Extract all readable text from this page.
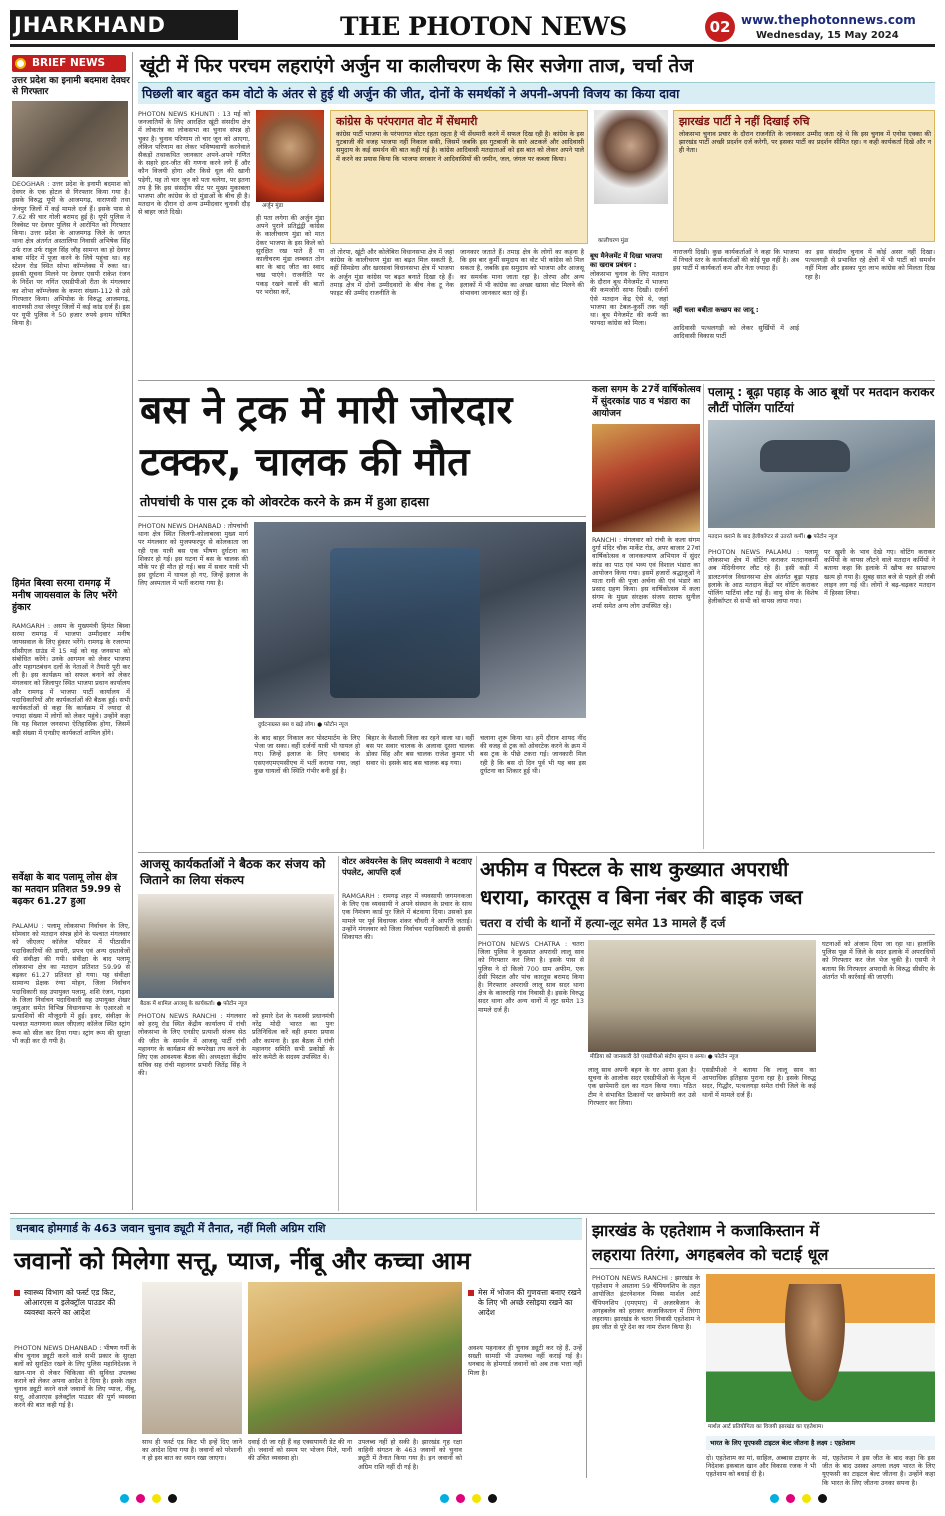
JHARKHAND	THE PHOTON NEWS	02 www.thephotonnews.com
Wednesday, 15 May 2024
BRIEF NEWS
उत्तर प्रदेश का इनामी बदमाश देवघर से गिरफ्तार
DEOGHAR : उत्तर प्रदेश के इनामी बदमाश को देवघर के एक होटल से गिरफ्तार किया गया है। इसके विरुद्ध यूपी के आजमगढ़, वाराणसी तथा जेनपुर जिलों में कई मामले दर्ज हैं। इसके पास से 7.62 की चार गोली बरामद हुई है। यूपी पुलिस ने रिक्वेस्ट पर देवघर पुलिस ने आरोपित को गिरफ्तार किया। उत्तर प्रदेश के आजमगढ़ जिले के जगत थाना क्षेत्र अंतर्गत अस्तालिया निवासी अभिषेक सिंह उर्फ राज उर्फ राहुल सिंह जौह सामन्त का हो देवघर बाबा मंदिर में पूजा करने के लिये पहुंचा था। वह स्टेशन रोड स्थित सोभा कॉम्प्लेक्स में रुका था। इसकी सूचना मिलने पर देवघर एसपी राकेश रंजन के निर्देश पर नगिंत एसडीपीओ रीता के मंगलवार का शोभा कॉम्प्लेक्स के कमरा संख्या-112 से उसे गिरफ्तार किया। अभियोक के विरुद्ध आजमगढ़, वाराणसी तथा जेनपुर जिलों में कई कांड दर्ज हैं। इस पर यूपी पुलिस ने 50 हजार रुपये इनाम घोषित किया है।
हिमंत बिस्वा सरमा रामगढ़ में मनीष जायसवाल के लिए भरेंगे हुंकार
RAMGARH : असम के मुख्यमंत्री हिमंत बिस्वा सरमा रामगढ़ में भाजपा उम्मीदवार मनीष जायसवाल के लिए हुंकार भरेंगे। रामगढ़ के रजरप्पा सीसीएल ग्राउंड में 15 मई को वह जनसभा को संबोधित करेंगे। उनके आगमन को लेकर भाजपा और महागठबंधन दलों के नेताओं ने तैयारी पूरी कर ली है। इस कार्यक्रम को सफल बनाने को लेकर मंगलवार को जिलापुर स्थित भाजपा प्रधान कार्यालय और रामगढ़ में भाजपा पार्टी कार्यालय में पदाधिकारियों और कार्यकर्ताओं की बैठक हुई। सभी कार्यकर्ताओं से कहा कि कार्यक्रम में ज्यादा से ज्यादा संख्या में लोगों को लेकर पहुंचे। उन्होंने कहा कि यह विशाल जनसभा ऐतिहासिक होगा, जिसमें बड़ी संख्या में एनडीए कार्यकर्ता शामिल होंगे।
सर्वेक्षा के बाद पलामू लोस क्षेत्र का मतदान प्रतिशत 59.99 से बढ़कर 61.27 हुआ
PALAMU : पलामू लोकसभा निर्वाचन के लिए, सोमवार को मतदान संपन्न होने के पश्चात मंगलवार को जीएलए कॉलेज परिसर में पीठासीन पदाधिकारियों की डायरी, प्रपत्र एवं अन्य दस्तावेजों की संवीक्षा की गयी। संवीक्षा के बाद पलामू लोकसभा क्षेत्र का मतदान प्रतिशत 59.99 से बढ़कर 61.27 प्रतिशत हो गया। यह संवीक्षा सामान्य प्रेक्षक रंग्या मोहन, जिला निर्वाचन पदाधिकारी सह उपायुक्त पलामू, शशि रंजन, गढ़वा के जिला निर्वाचन पदाधिकारी सह उपायुक्त शेखर जमुआर समेत विभिन्न विधानसभा के एआरओ व प्रत्याशियों की मौजूदगी में हुई। इधर, संवीक्षा के पश्चात मतगणना स्थल जीएलए कॉलेज स्थित स्ट्रांग रूम को सील कर दिया गया। स्ट्रांग रूम की सुरक्षा भी कड़ी कर दी गयी है।
खूंटी में फिर परचम लहराएंगे अर्जुन या कालीचरण के सिर सजेगा ताज, चर्चा तेज
पिछली बार बहुत कम वोटो के अंतर से हुई थी अर्जुन की जीत, दोनों के समर्थकों ने अपनी-अपनी विजय का किया दावा
PHOTON NEWS KHUNTI : 13 मई को जनजातियों के लिए आरक्षित खूंटी संसदीय क्षेत्र में लोकतंत्र का लोकसभा का चुनाव संपन्न हो चुका है। चुनाव परिणाम तो चार जून को आएगा, लेकिन परिणाम का लेकर भविष्यवाणी करनेवाले सैकड़ों तथाकथित जानकार अपने-अपने गणित के सहारे हार-जीत की गणना करने लगे हैं और कौन विजयी होगा और किसे धूल की खानी पड़ेगी, यह तो चार जून को पता चलेगा, पर इतना तय है कि इस संसदीय सीट पर मुख्य मुकाबला भाजपा और कांग्रेस के दो मुंडाओं के बीच ही है। मतदान के दौरान दो अन्य उम्मीदवार चुनावी दौड़ से बाहर जाते दिखे।
अर्जुन मुंडा
कांग्रेस के परंपरागत वोट में सेंधमारी
कांग्रेस पार्टी भाजपा के परंपरागत वोटर रहता रहता है भी सेंधमारी करने में सफल दिख रही है। कांग्रेस के इस गुटबाजी की वजह भाजपा नहीं निकाल सकी, जिसमें जबकि इस गुटबाजी के सारे अटकलें और आदिवासी समुदाय के कई समर्थन की बात कही गई है। कांग्रेस आदिवासी मतदाताओं को इस बात को लेकर अपने पाले में करने का प्रयास किया कि भाजपा सरकार ने आदिवासियों की जमीन, जल, जंगल पर कब्जा किया।
कालीचरण मुंडा
झारखंड पार्टी ने नहीं दिखाई रुचि
लोकसभा चुनाव प्रचार के दौरान राजनीति के जानकार उम्मीद जता रहे थे कि इस चुनाव में एनोस एक्का की झारखंड पार्टी अच्छी प्रदर्शन दर्ज करेगी, पर इसका पार्टी का प्रदर्शन सीमित रहा। न कही कार्यकर्ता दिखे और न ही नेता।
ही पता लगेगा की अर्जुन मुंडा अपने पुराने प्रतिद्वंद्वी कांग्रेस के कालीचरण मुंडा को मात देकर भाजपा के इस किले को सुरक्षित रख पाते हैं या कालीचरण मुंडा लम्बवत तोन बार के बाद जीत का स्वाद चख पाएंगे। राजनीति पर पकड़ रखने वालों की बातों पर भरोसा करें,
तो तोरपा, खूंटी और कोलेबिरा विधानसभा क्षेत्र में जहां कांग्रेस के कालीचरण मुंडा का बढ़त मिल सकती है, वहीं सिमडेगा और खरसावां विधानसभा क्षेत्र में भाजपा के अर्जुन मुंडा कांग्रेस पर बढ़त बनाते दिखा रहे हैं। तमाड़ क्षेत्र में दोनों उम्मीदवारों के बीच नेक टू नेक फाइट की उम्मीद राजनीति के
जानकार जताते हैं। तमाड़ क्षेत्र के लोगों का कहना है कि इस बार कुर्मी समुदाय का वोट भी कांग्रेस को मिल सकता है, जबकि इस समुदाय को भाजपा और आजसू का समर्थक माना जाता रहा है। तोरपा और अन्य इलाकों में भी कांग्रेस का अच्छा खासा वोट मिलने की संभावना जानकार बता रहे हैं।
बूथ मैनेजमेंट में दिखा भाजपा का खराब प्रबंधन :
लोकसभा चुनाव के लिए मतदान के दौरान बूथ मैनेजमेंट में भाजपा की कमजोरी साफ दिखी। दर्जनों ऐसे मतदान केंद्र ऐसे थे, जहां भाजपा का टेबल-कुर्सी तक नहीं था। बूथ मैनेजमेंट की कमी का फायदा कांग्रेस को मिला।
नाराजगी दिखी। कुछ कार्यकर्ताओं ने कहा कि भाजपा में निचले स्तर के कार्यकर्ताओं की कोई पूछ नहीं है। अब इस पार्टी में कार्यकर्ता कम और नेता ज्यादा हैं।
नहीं चला बबीता कच्छप का जादू :
आदिवासी पत्थलगड़ी को लेकर सुर्खियों में आई आदिवासी विकास पार्टी
का इस संसदीय चुनाव में कोई असर नहीं दिखा। पत्थलगड़ी से प्रभावित रहे क्षेत्रों में भी पार्टी को समर्थन नहीं मिला और इसका पूरा लाभ कांग्रेस को मिलता दिख रहा है।
बस ने ट्रक में मारी जोरदार
टक्कर, चालक की मौत
तोपचांची के पास ट्रक को ओवरटेक करने के क्रम में हुआ हादसा
PHOTON NEWS DHANBAD : तोपचांची थाना क्षेत्र स्थित जिलगी-कोलाबरवा मुख्य मार्ग पर मंगलवार को मुजफ्फरपुर से कोलकाता जा रही एक यात्री बस एक भीषण दुर्घटना का शिकार हो गई। इस घटना में बस के चालक की मौके पर ही मौत हो गई। बस में सवार यात्री भी इस दुर्घटना में घायल हो गए, जिन्हें इलाज के लिए अस्पताल में भर्ती कराया गया है।
दुर्घटनाग्रस्त बस व खड़े लोग। ● फोटोन न्यूज
के बाद बाहर निकाल कर पोस्टमार्टम के लिए भेजा जा सका। वहीं दर्जनों यात्री भी घायल हो गए। जिन्हें इलाज के लिए धनबाद के एसएनएमएमसीएच में भर्ती कराया गया, जहां कुछ घायलों की स्थिति गंभीर बनी हुई है।
बिहार के वैशाली जिला का रहने वाला था। वहीं बस पर सवार चालक के अलावा दूसरा चालक डोका सिंह और बस चालक राजेश कुमार भी सवार थे। इसके बाद बस चालक बढ़ गया।
चलाना शुरू किया था। हमें दौरान शायद नींद की वजह से ट्रक को ओवरटेक करने के क्रम में बस ट्रक के पीछे टकरा गई। जानकारी मिल रही है कि बस दो दिन पूर्व भी यह बस इस दुर्घटना का शिकार हुई थी।
कला सगम के 27वें वार्षिकोत्सव में सुंदरकांड पाठ व भंडारा का आयोजन
RANCHI : मंगलवार को रांची के कला संगम दुर्गा मंदिर चौक मार्केट रोड, अपर बाजार 27वां वार्षिकोत्सव व जानकल्याण अभियान में सुंदर कांड का पाठ एवं भव्य एवं विशाल भंडारा का आयोजन किया गया। इसमें हजारों श्रद्धालुओं ने माता रानी की पूजा अर्चना की एवं भंडारे का प्रसाद ग्रहण किया। इस वार्षिकोत्सव में कला संगम के मुख्य संरक्षक संजय सराफ सुनील शर्मा समेत अन्य लोग उपस्थित रहे।
पलामू : बूढ़ा पहाड़ के आठ बूथों पर मतदान कराकर लौटीं पोलिंग पार्टियां
मतदान कराने के बाद हेलीकॉप्टर से उतरते कर्मी। ● फोटोन न्यूज
PHOTON NEWS PALAMU : पलामू लोकसभा क्षेत्र में वोटिंग कराकर मतदानकर्मी अब मेदिनीनगर लौट रहे हैं। इसी कड़ी में डालटनगंज विधानसभा क्षेत्र अंतर्गत बूढ़ा पहाड़ इलाके के आठ मतदान केंद्रों पर वोटिंग कराकर पोलिंग पार्टियां लौट गई हैं। वायु सेना के विशेष हेलीकॉप्टर से सभी को वापस लाया गया।
पर खुशी के भाव देखे गए। वोटिंग कराकर कर्मियों के वापस लौटने वाले मतदान कर्मियों ने बताया कहा कि इलाके में खौफ का साम्राज्य खत्म हो गया है। सुबह सात बजे से पहले ही लंबी लाइन लग गई थी। लोगों ने बढ़-चढ़कर मतदान में हिस्सा लिया।
आजसू कार्यकर्ताओं ने बैठक कर संजय को जिताने का लिया संकल्प
बैठक में शामिल आजसू के कार्यकर्ता। ● फोटोन न्यूज
PHOTON NEWS RANCHI : मंगलवार को हरमू रोड स्थित केंद्रीय कार्यालय में रांची लोकसभा के लिए एनडीए प्रत्याशी संजय सेठ की जीत के समर्थन में आजसू पार्टी रांची महानगर के कार्यक्रम की रूपरेखा तय करने के लिए एक आवश्यक बैठक की। अध्यक्षता केंद्रीय सचिव सह रांची महानगर प्रभारी जितेंद्र सिंह ने की।
को हमारे देश के यशस्वी प्रधानमंत्री नरेंद्र मोदी भारत का पुनः प्रतिनिधित्व करें वही हमारा प्रयास और कामना है। इस बैठक में रांची महानगर समिति सभी प्रकोष्ठों के कोर कमेटी के सदस्य उपस्थित थे।
वोटर अवेयरनेस के लिए व्यवसायी ने बटवाए पंपलेट, आपत्ति दर्ज
RAMGARH : रामगढ़ शहर में व्यवसायी जगमनकजा के लिए एक व्यवसायी ने अपने संस्थान के प्रचार के साथ एक निमंत्रण कार्ड पुर जिले में बंटवाया दिया। उसको इस मामले पर पूर्व विधायक शंकर चौधरी ने आपत्ति जताई। उन्होंने मंगलवार को जिला निर्वाचन पदाधिकारी से इसकी शिकायत की।
अफीम व पिस्टल के साथ कुख्यात अपराधी
धराया, कारतूस व बिना नंबर की बाइक जब्त
चतरा व रांची के थानों में हत्या-लूट समेत 13 मामले हैं दर्ज
PHOTON NEWS CHATRA : चतरा जिला पुलिस ने कुख्यात अपराधी लालू साव को गिरफ्तार कर लिया है। इसके पास से पुलिस ने दो किलो 700 ग्राम अफीम, एक देसी पिस्टल और पांच कारतूस बरामद किया है। गिरफ्तार अपराधी लालू साव सदर थाना क्षेत्र के कारुराहि गांव निवासी है। इसके विरुद्ध सदर थाना और अन्य थानों में लूट समेत 13 मामले दर्ज हैं।
मीडिया को जानकारी देते एसडीपीओ संदीप सुमन व अन्य। ● फोटोन न्यूज
लालू साव अपनी बहन के घर आया हुआ है। सूचना के आलोक सदर एसडीपीओ के नेतृत्व में एक छापेमारी दल का गठन किया गया। गठित टीम ने संभावित ठिकानों पर छापेमारी कर उसे गिरफ्तार कर लिया।
एसडीपीओ ने बताया कि लालू साव का आपराधिक इतिहास पुराना रहा है। इसके विरुद्ध सदर, गिद्धौर, पत्थलगड़ा समेत रांची जिले के कई थानों में मामले दर्ज हैं।
घटनाओं को अंजाम दिया जा रहा था। हालांकि पुलिस पूछ में जिले के सदर इलाके में अपराधियों को गिरफ्तार कर जेल भेज चुकी है। एसपी ने बताया कि गिरफ्तार अपराधी के विरुद्ध सीसीए के अंतर्गत भी कार्रवाई की जाएगी।
धनबाद होमगार्ड के 463 जवान चुनाव ड्यूटी में तैनात, नहीं मिली अग्रिम राशि
जवानों को मिलेगा सत्तू, प्याज, नींबू और कच्चा आम
स्वास्थ्य विभाग को फर्स्ट एड किट, ओआरएस व इलेक्ट्रॉल पाउडर की व्यवस्था करने का आदेश
PHOTON NEWS DHANBAD : भीषण गर्मी के बीच चुनाव ड्यूटी करने वाले सभी प्रकार के सुरक्षा बलों को सुरक्षित रखने के लिए पुलिस महानिदेशक ने खान-पान से लेकर चिकित्सा की सुविधा उपलब्ध कराने को लेकर अपना आदेश दे दिया है। इसके तहत चुनाव ड्यूटी करने वाले जवानों के लिए प्याज, नींबू, सत्तू, ओआरएस इलेक्ट्रॉल पाउडर की पूर्ण व्यवस्था करने की बात कही गई है।
मेस में भोजन की गुणवत्ता बनाए रखने के लिए भी अच्छे रसोइया रखने का आदेश
साथ ही फर्स्ट एड किट भी इन्हें दिए जाने का आदेश दिया गया है। जवानों को परेशानी न हो इस बात का ध्यान रखा जाएगा।
दवाई दी जा रही हैं वह एक्सपायरी डेट की ना हो। जवानों को समय पर भोजन मिले, पानी की उचित व्यवस्था हो।
अवश्य पहनाकर ही चुनाव ड्यूटी कर रहे हैं, उन्हें सख्ती सामग्री भी उपलब्ध नहीं कराई गई है। धनबाद के होमगार्ड जवानों को अब तक भत्ता नहीं मिला है।
उपलब्ध नहीं हो सकी है। झारखंड गृह रक्षा वाहिनी संगठन के 463 जवानों को चुनाव ड्यूटी में तैनात किया गया है। इन जवानों को अग्रिम राशि नहीं दी गई है।
झारखंड के एहतेशाम ने कजाकिस्तान में
लहराया तिरंगा, अगहबलेव को चटाई धूल
PHOTON NEWS RANCHI : झारखंड के एहतेशाम ने अस्ताना 59 चैंपियनशिप के तहत आयोजित इंटरनेशनल मिक्स मार्शल आर्ट चैंपियनशिप (एमएमए) में अजरबैजान के अगहबलेव को हराकर कजाकिस्तान में तिरंगा लहराया। झारखंड के चतरा निवासी एहतेशाम ने इस जीत से पूरे देश का नाम रोशन किया है।
मार्शल आर्ट प्रतियोगिता का विजयी झारखंड का एहतेशाम।
भारत के लिए यूएफसी टाइटल बेल्ट जीतना है लक्ष्य : एहतेशाम
दो। एहतेशाम का मां, साहिल, अब्बास टाइगर के निदेशक इकबाल खान और विकास रजक ने भी एहतेशाम को बधाई दी है।
मां, एहतेशाम ने इस जीत के बाद कहा कि इस जीत के बाद उसका अगला लक्ष्य भारत के लिए यूएफसी का टाइटल बेल्ट जीतना है। उन्होंने कहा कि भारत के लिए जीतना उनका सपना है।
